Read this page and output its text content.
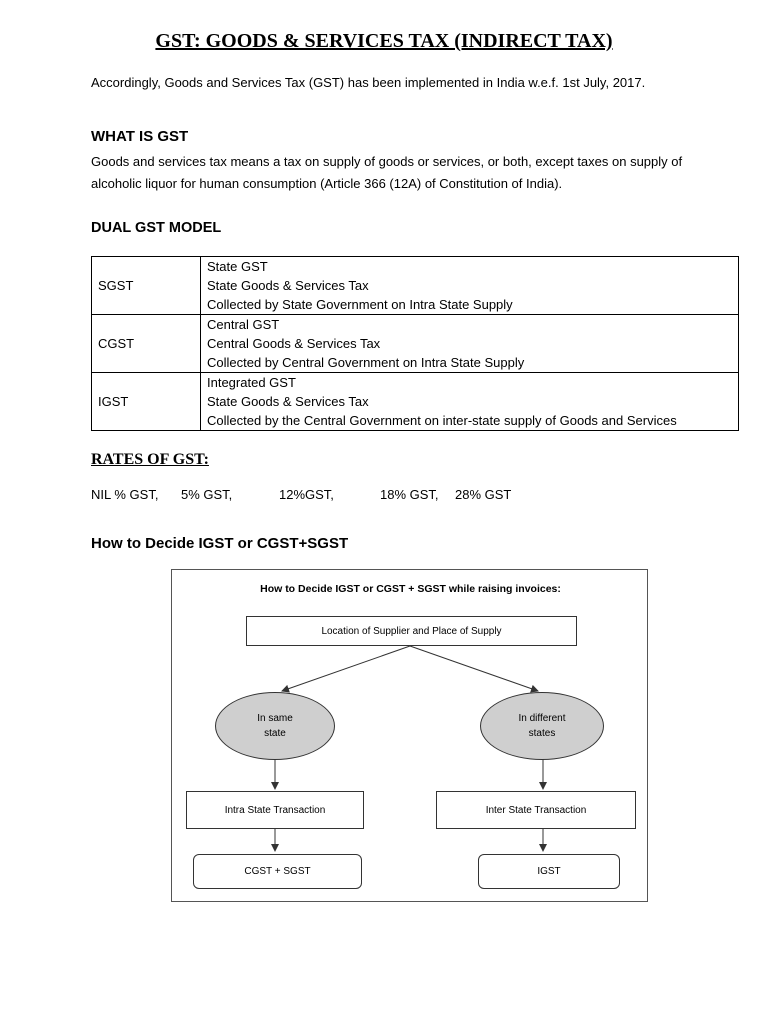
GST: GOODS & SERVICES TAX (INDIRECT TAX)

Accordingly, Goods and Services Tax (GST) has been implemented in India w.e.f. 1st July, 2017.

WHAT IS GST

Goods and services tax means a tax on supply of goods or services, or both, except taxes on supply of alcoholic liquor for human consumption (Article 366 (12A) of Constitution of India).

DUAL GST MODEL
SGST	State GST
State Goods & Services Tax
Collected by State Government on Intra State Supply

CGST	Central GST
Central Goods & Services Tax
Collected by Central Government on Intra State Supply

IGST	Integrated GST
State Goods & Services Tax
Collected by the Central Government on inter-state supply of Goods and Services
RATES OF GST:
NIL % GST, 5% GST,	12%GST,	18% GST, 28% GST
How to Decide IGST or CGST+SGST
How to Decide IGST or CGST + SGST while raising invoices:
Location of Supplier and Place of Supply
In same
state
In different
states
Intra State Transaction	Inter State Transaction
CGST + SGST	IGST
